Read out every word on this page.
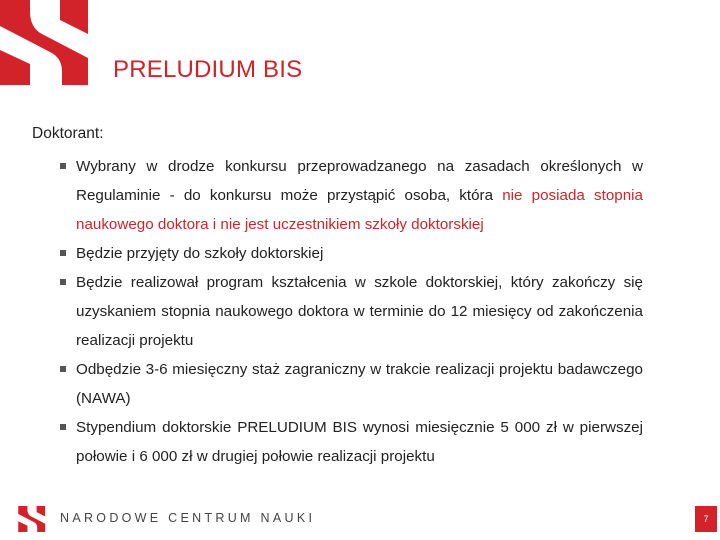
PRELUDIUM BIS
Doktorant:
Wybrany w drodze konkursu przeprowadzanego na zasadach określonych w Regulaminie - do konkursu może przystąpić osoba, która nie posiada stopnia naukowego doktora i nie jest uczestnikiem szkoły doktorskiej
Będzie przyjęty do szkoły doktorskiej
Będzie realizował program kształcenia w szkole doktorskiej, który zakończy się uzyskaniem stopnia naukowego doktora w terminie do 12 miesięcy od zakończenia realizacji projektu
Odbędzie 3-6 miesięczny staż zagraniczny w trakcie realizacji projektu badawczego (NAWA)
Stypendium doktorskie PRELUDIUM BIS wynosi miesięcznie 5 000 zł w pierwszej połowie i 6 000 zł w drugiej połowie realizacji projektu
NARODOWE CENTRUM NAUKI	7
